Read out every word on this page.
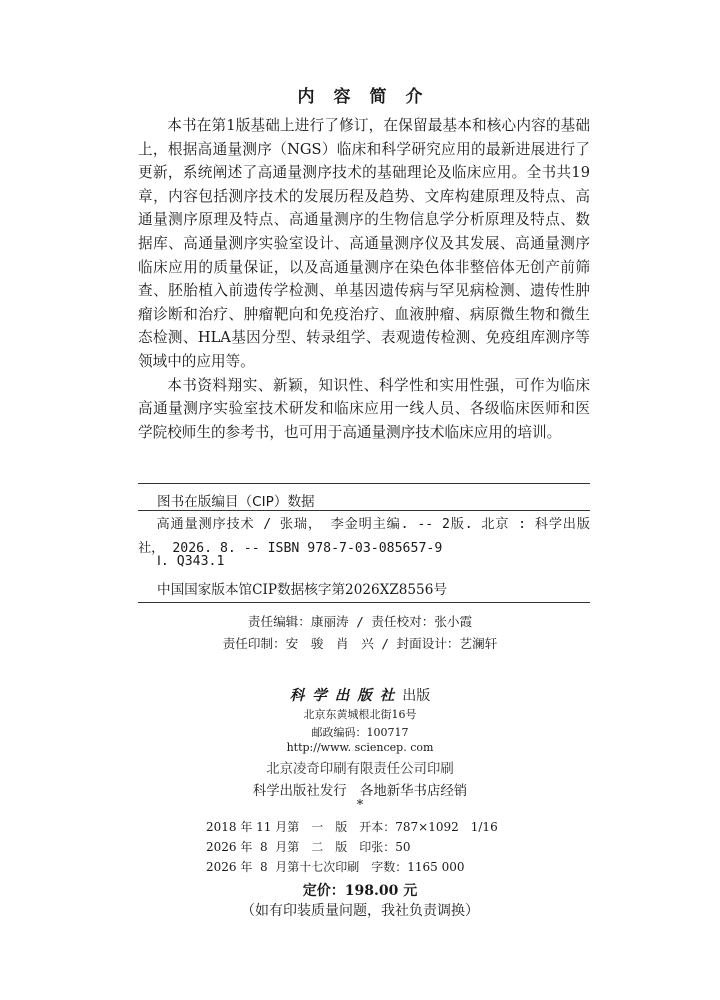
内容简介

本书在第1版基础上进行了修订，在保留最基本和核心内容的基础上，根据高通量测序（NGS）临床和科学研究应用的最新进展进行了更新，系统阐述了高通量测序技术的基础理论及临床应用。全书共19章，内容包括测序技术的发展历程及趋势、文库构建原理及特点、高通量测序原理及特点、高通量测序的生物信息学分析原理及特点、数据库、高通量测序实验室设计、高通量测序仪及其发展、高通量测序临床应用的质量保证，以及高通量测序在染色体非整倍体无创产前筛查、胚胎植入前遗传学检测、单基因遗传病与罕见病检测、遗传性肿瘤诊断和治疗、肿瘤靶向和免疫治疗、血液肿瘤、病原微生物和微生态检测、HLA基因分型、转录组学、表观遗传检测、免疫组库测序等领域中的应用等。

本书资料翔实、新颖，知识性、科学性和实用性强，可作为临床高通量测序实验室技术研发和临床应用一线人员、各级临床医师和医学院校师生的参考书，也可用于高通量测序技术临床应用的培训。

图书在版编目（CIP）数据
高通量测序技术 / 张瑞， 李金明主编. -- 2版. 北京 : 科学出版社， 2026. 8. -- ISBN 978-7-03-085657-9
Ⅰ. Q343.1
中国国家版本馆CIP数据核字第2026XZ8556号
责任编辑：康丽涛 / 责任校对：张小霞
责任印制：安　骏　肖　兴 / 封面设计：艺澜轩
科学出版社出版
北京东黄城根北街16号
邮政编码：100717
http://www. sciencep. com
北京凌奇印刷有限责任公司印刷
科学出版社发行　各地新华书店经销
*
2018 年 11 月第　一　版　开本：787×1092　1/16
2026 年  8  月第　二　版　印张：50
2026 年  8  月第十七次印刷　字数：1165 000
定价：198.00 元
（如有印装质量问题，我社负责调换）
